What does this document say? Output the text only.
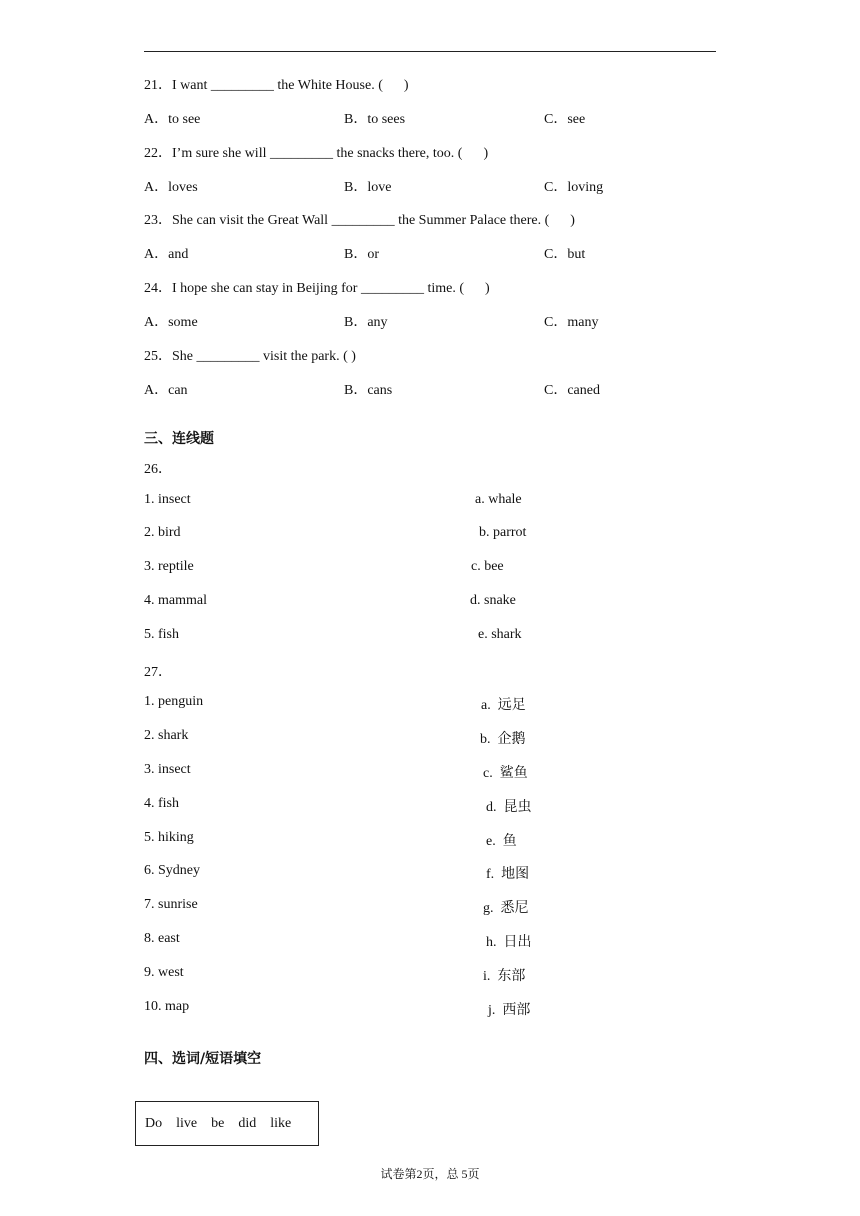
21．I want _________ the White House. (      )
A．to see	B．to sees	C．see
22．I’m sure she will _________ the snacks there, too. (      )
A．loves	B．love	C．loving
23．She can visit the Great Wall _________ the Summer Palace there. (      )
A．and	B．or	C．but
24．I hope she can stay in Beijing for _________ time. (      )
A．some	B．any	C．many
25．She _________ visit the park. ( )
A．can	B．cans	C．caned
三、连线题
26．
1. insect	a. whale
2. bird	b. parrot
3. reptile	c. bee
4. mammal	d. snake
5. fish	e. shark
27．
1. penguin	a.  远足
2. shark	b.  企鹅
3. insect	c.  鲨鱼
4. fish	d.  昆虫
5. hiking	e.  鱼
6. Sydney	f.  地图
7. sunrise	g.  悉尼
8. east	h.  日出
9. west	i.  东部
10. map	j.  西部
四、选词/短语填空
Do    live    be    did    like
试卷第2页，总 5页
